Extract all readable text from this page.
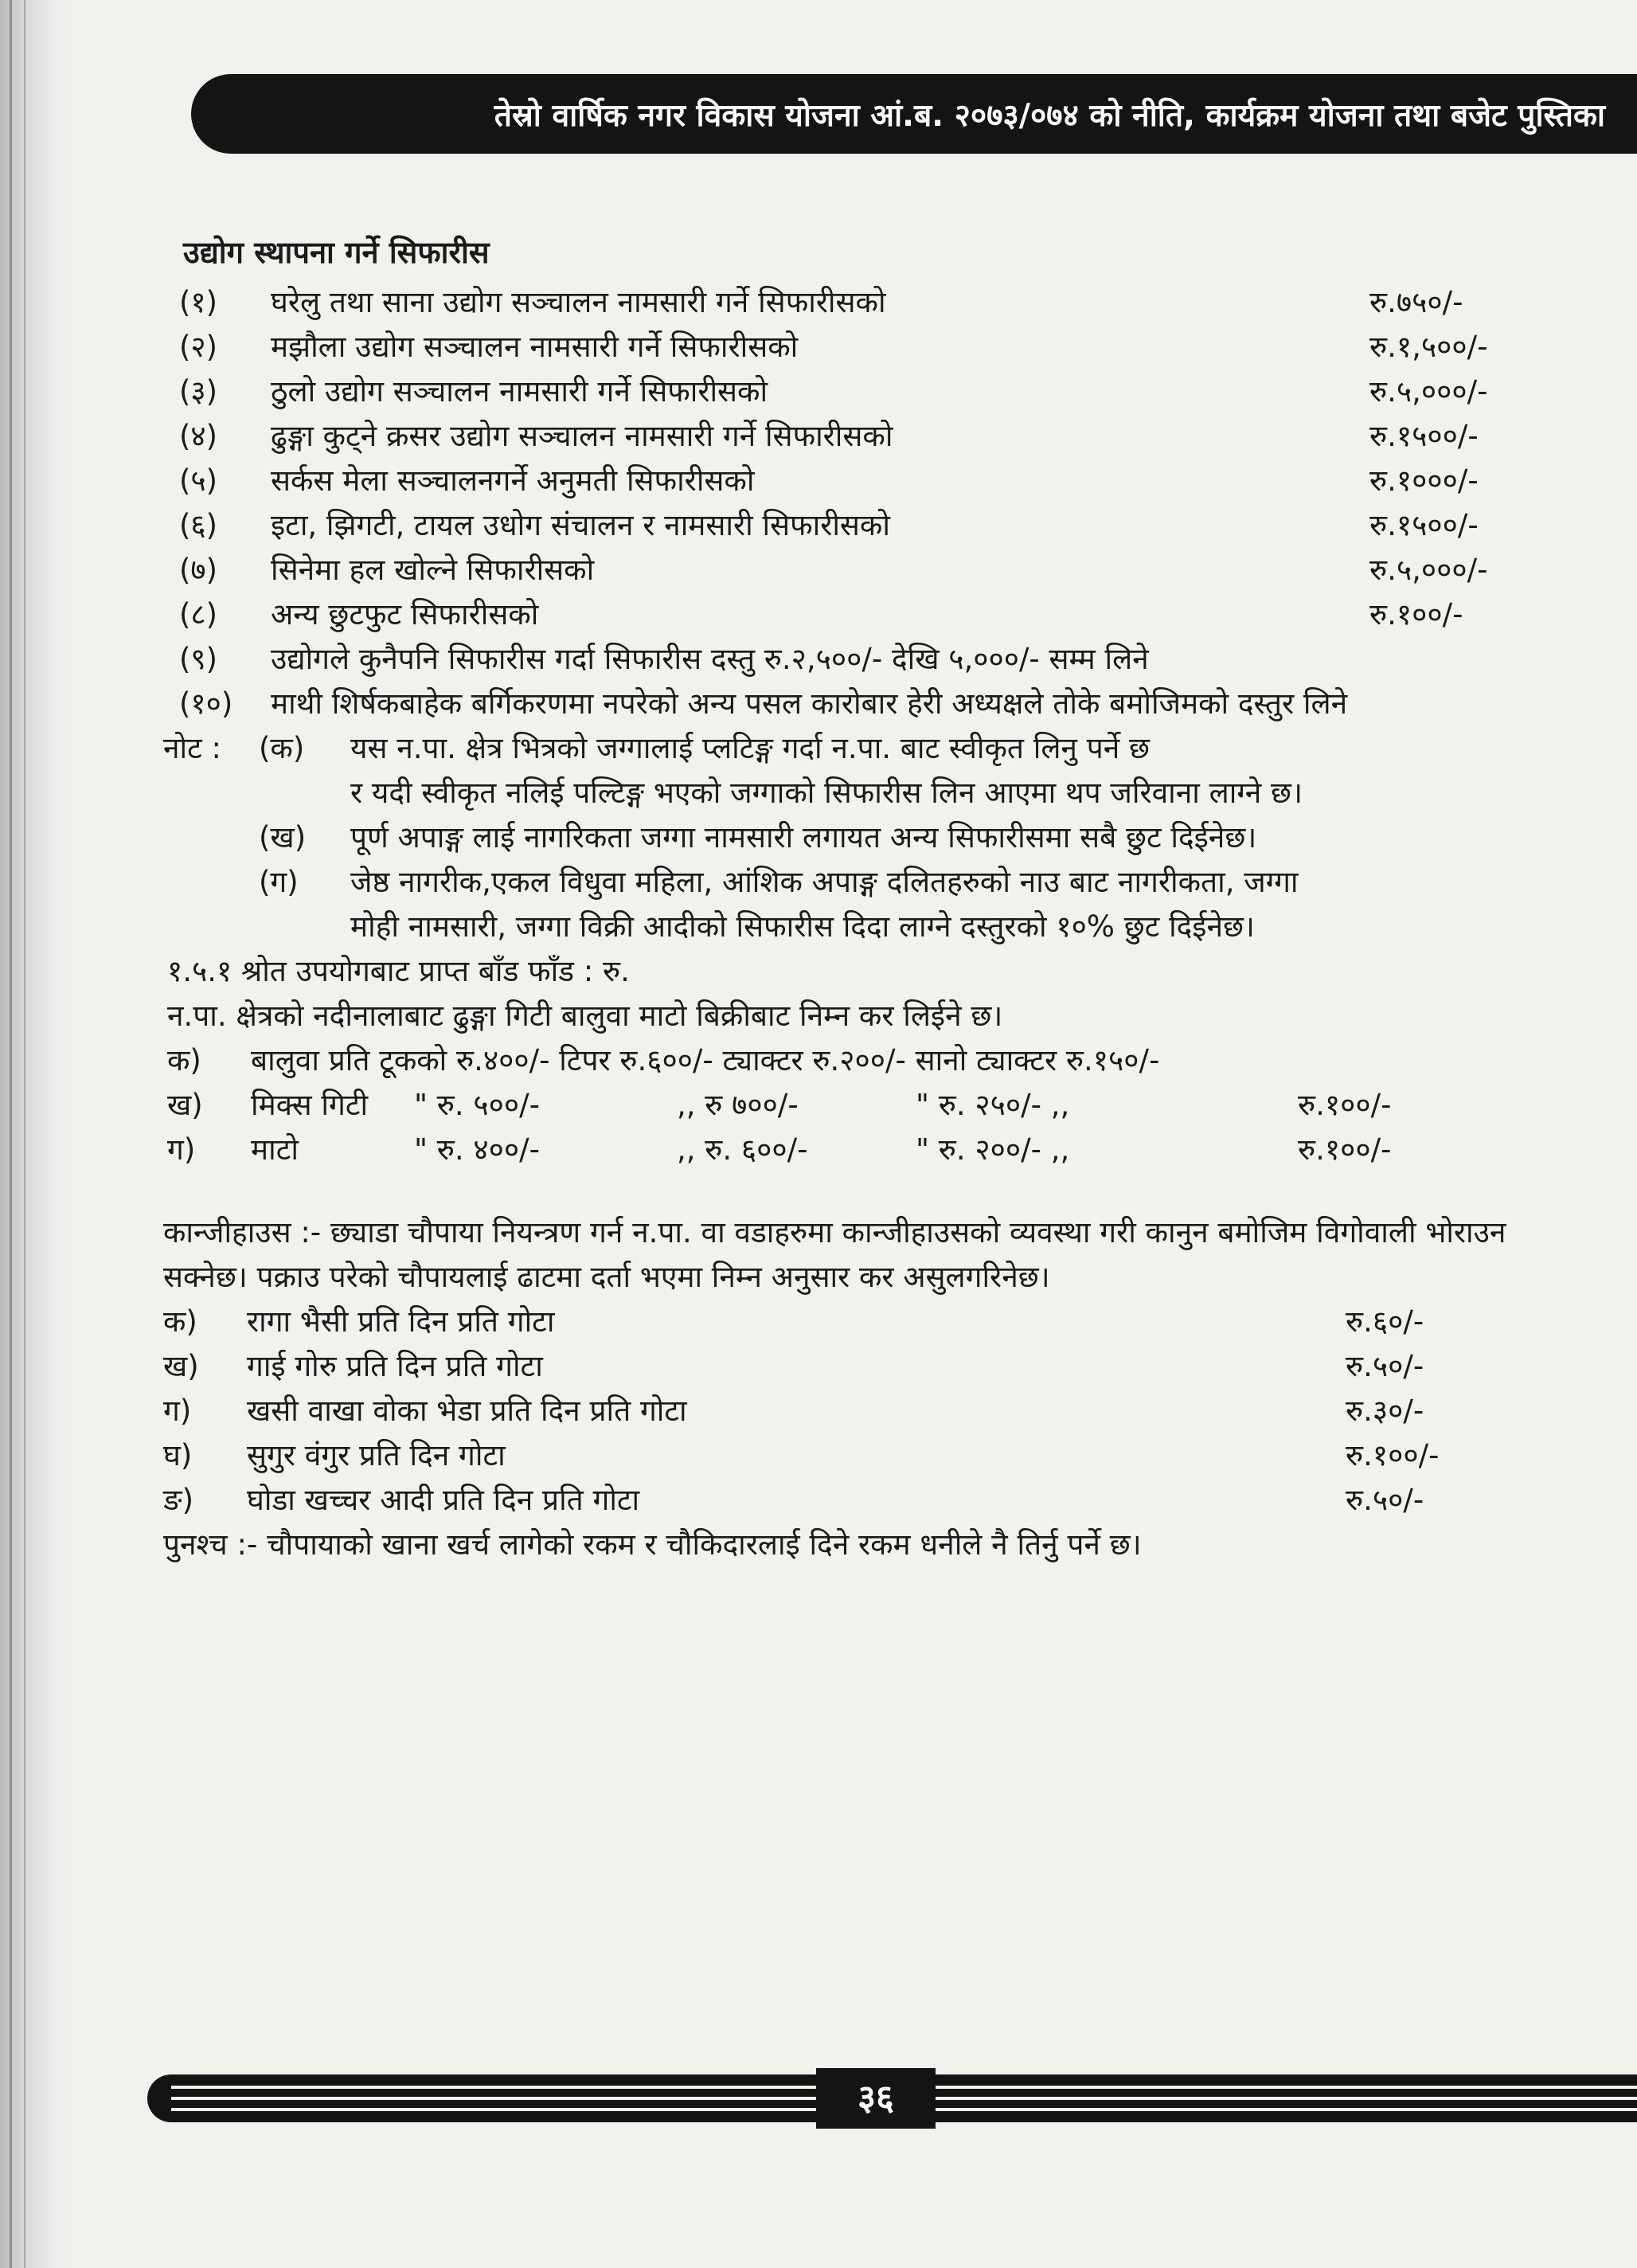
तेस्रो वार्षिक नगर विकास योजना आं.ब. २०७३/०७४ को नीति, कार्यक्रम योजना तथा बजेट पुस्तिका
उद्योग स्थापना गर्ने सिफारीस
(१) घरेलु तथा साना उद्योग सञ्चालन नामसारी गर्ने सिफारीसको	रु.७५०/-
(२) मझौला उद्योग सञ्चालन नामसारी गर्ने सिफारीसको	रु.१,५००/-
(३) ठुलो उद्योग सञ्चालन नामसारी गर्ने सिफारीसको	रु.५,०००/-
(४) ढुङ्गा कुट्ने क्रसर उद्योग सञ्चालन नामसारी गर्ने सिफारीसको	रु.१५००/-
(५) सर्कस मेला सञ्चालनगर्ने अनुमती सिफारीसको	रु.१०००/-
(६) इटा, झिगटी, टायल उधोग संचालन र नामसारी सिफारीसको	रु.१५००/-
(७) सिनेमा हल खोल्ने सिफारीसको	रु.५,०००/-
(८) अन्य छुटफुट सिफारीसको	रु.१००/-
(९) उद्योगले कुनैपनि सिफारीस गर्दा सिफारीस दस्तु रु.२,५००/- देखि ५,०००/- सम्म लिने
(१०) माथी शिर्षकबाहेक बर्गिकरणमा नपरेको अन्य पसल कारोबार हेरी अध्यक्षले तोके बमोजिमको दस्तुर लिने
नोट : (क) यस न.पा. क्षेत्र भित्रको जग्गालाई प्लटिङ्ग गर्दा न.पा. बाट स्वीकृत लिनु पर्ने छ
र यदी स्वीकृत नलिई पल्टिङ्ग भएको जग्गाको सिफारीस लिन आएमा थप जरिवाना लाग्ने छ।
(ख) पूर्ण अपाङ्ग लाई नागरिकता जग्गा नामसारी लगायत अन्य सिफारीसमा सबै छुट दिईनेछ।
(ग) जेष्ठ नागरीक,एकल विधुवा महिला, आंशिक अपाङ्ग दलितहरुको नाउ बाट नागरीकता, जग्गा
मोही नामसारी, जग्गा विक्री आदीको सिफारीस दिदा लाग्ने दस्तुरको १०% छुट दिईनेछ।
१.५.१ श्रोत उपयोगबाट प्राप्त बाँड फाँड : रु.
न.पा. क्षेत्रको नदीनालाबाट ढुङ्गा गिटी बालुवा माटो बिक्रीबाट निम्न कर लिईने छ।
क) बालुवा प्रति टूकको रु.४००/- टिपर रु.६००/- ट्याक्टर रु.२००/- सानो ट्याक्टर रु.१५०/-
ख) मिक्स गिटी " रु. ५००/-	,, रु ७००/-	" रु. २५०/- ,,	रु.१००/-
ग) माटो	" रु. ४००/-	,, रु. ६००/-	" रु. २००/- ,,	रु.१००/-
कान्जीहाउस :- छ्याडा चौपाया नियन्त्रण गर्न न.पा. वा वडाहरुमा कान्जीहाउसको व्यवस्था गरी कानुन बमोजिम विगोवाली भोराउन सक्नेछ। पक्राउ परेको चौपायलाई ढाटमा दर्ता भएमा निम्न अनुसार कर असुलगरिनेछ।
क) रागा भैसी प्रति दिन प्रति गोटा	रु.६०/-
ख) गाई गोरु प्रति दिन प्रति गोटा	रु.५०/-
ग) खसी वाखा वोका भेडा प्रति दिन प्रति गोटा	रु.३०/-
घ) सुगुर वंगुर प्रति दिन गोटा	रु.१००/-
ङ) घोडा खच्चर आदी प्रति दिन प्रति गोटा	रु.५०/-
पुनश्च :- चौपायाको खाना खर्च लागेको रकम र चौकिदारलाई दिने रकम धनीले नै तिर्नु पर्ने छ।
३६
